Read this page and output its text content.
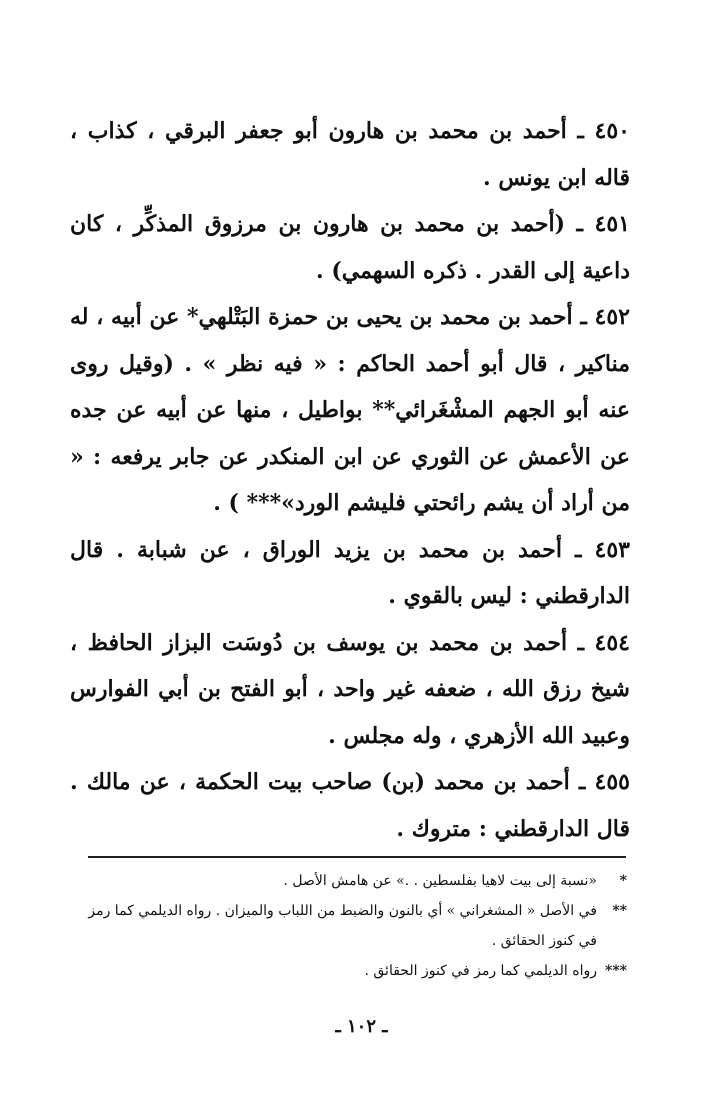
٤٥٠ ـ أحمد بن محمد بن هارون أبو جعفر البرقي ، كذاب ، قاله ابن يونس .

٤٥١ ـ (أحمد بن محمد بن هارون بن مرزوق المذكِّر ، كان داعية إلى القدر . ذكره السهمي) .

٤٥٢ ـ أحمد بن محمد بن يحيى بن حمزة البَتْلهي* عن أبيه ، له مناكير ، قال أبو أحمد الحاكم : « فيه نظر » . (وقيل روى عنه أبو الجهم المشْغَرائي** بواطيل ، منها عن أبيه عن جده عن الأعمش عن الثوري عن ابن المنكدر عن جابر يرفعه : « من أراد أن يشم رائحتي فليشم الورد»*** ) .

٤٥٣ ـ أحمد بن محمد بن يزيد الوراق ، عن شبابة . قال الدارقطني : ليس بالقوي .

٤٥٤ ـ أحمد بن محمد بن يوسف بن دُوسَت البزاز الحافظ ، شيخ رزق الله ، ضعفه غير واحد ، أبو الفتح بن أبي الفوارس وعبيد الله الأزهري ، وله مجلس .

٤٥٥ ـ أحمد بن محمد (بن) صاحب بيت الحكمة ، عن مالك . قال الدارقطني : متروك .

*
«نسبة إلى بيت لاهيا بفلسطين . .» عن هامش الأصل .

**
في الأصل « المشغراني » أي بالنون والضبط من اللباب والميزان . رواه الديلمي كما رمز في كنوز الحقائق .

***
رواه الديلمي كما رمز في كنوز الحقائق .

ـ ١٠٢ ـ
